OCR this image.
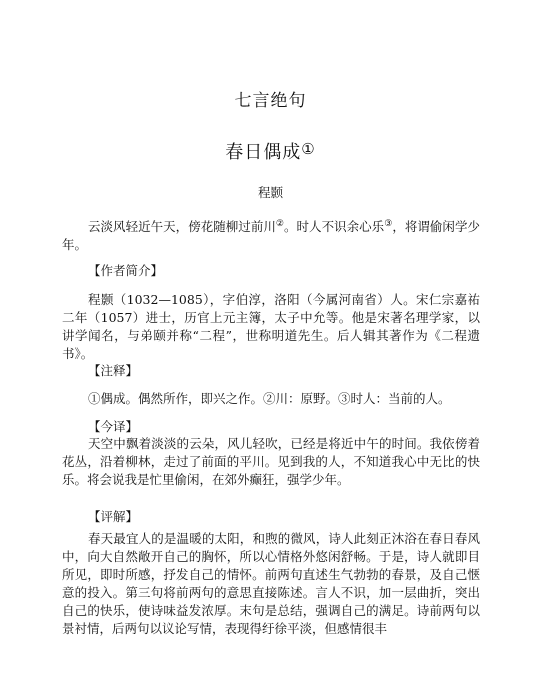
七言绝句
春日偶成①
程颢

云淡风轻近午天，傍花随柳过前川②。时人不识余心乐③，将谓偷闲学少年。

【作者简介】

程颢（1032—1085），字伯淳，洛阳（今属河南省）人。宋仁宗嘉祐二年（1057）进士，历官上元主簿，太子中允等。他是宋著名理学家，以讲学闻名，与弟颐并称“二程”，世称明道先生。后人辑其著作为《二程遗书》。

【注释】

①偶成。偶然所作，即兴之作。②川：原野。③时人：当前的人。

【今译】

天空中飘着淡淡的云朵，风儿轻吹，已经是将近中午的时间。我依傍着花丛，沿着柳林，走过了前面的平川。见到我的人，不知道我心中无比的快乐。将会说我是忙里偷闲，在郊外癫狂，强学少年。

【评解】

春天最宜人的是温暖的太阳，和煦的微风，诗人此刻正沐浴在春日春风中，向大自然敞开自己的胸怀，所以心情格外悠闲舒畅。于是，诗人就即目所见，即时所感，抒发自己的情怀。前两句直述生气勃勃的春景，及自己惬意的投入。第三句将前两句的意思直接陈述。言人不识，加一层曲折，突出自己的快乐，使诗味益发浓厚。末句是总结，强调自己的满足。诗前两句以景衬情，后两句以议论写情，表现得纡徐平淡，但感情很丰
